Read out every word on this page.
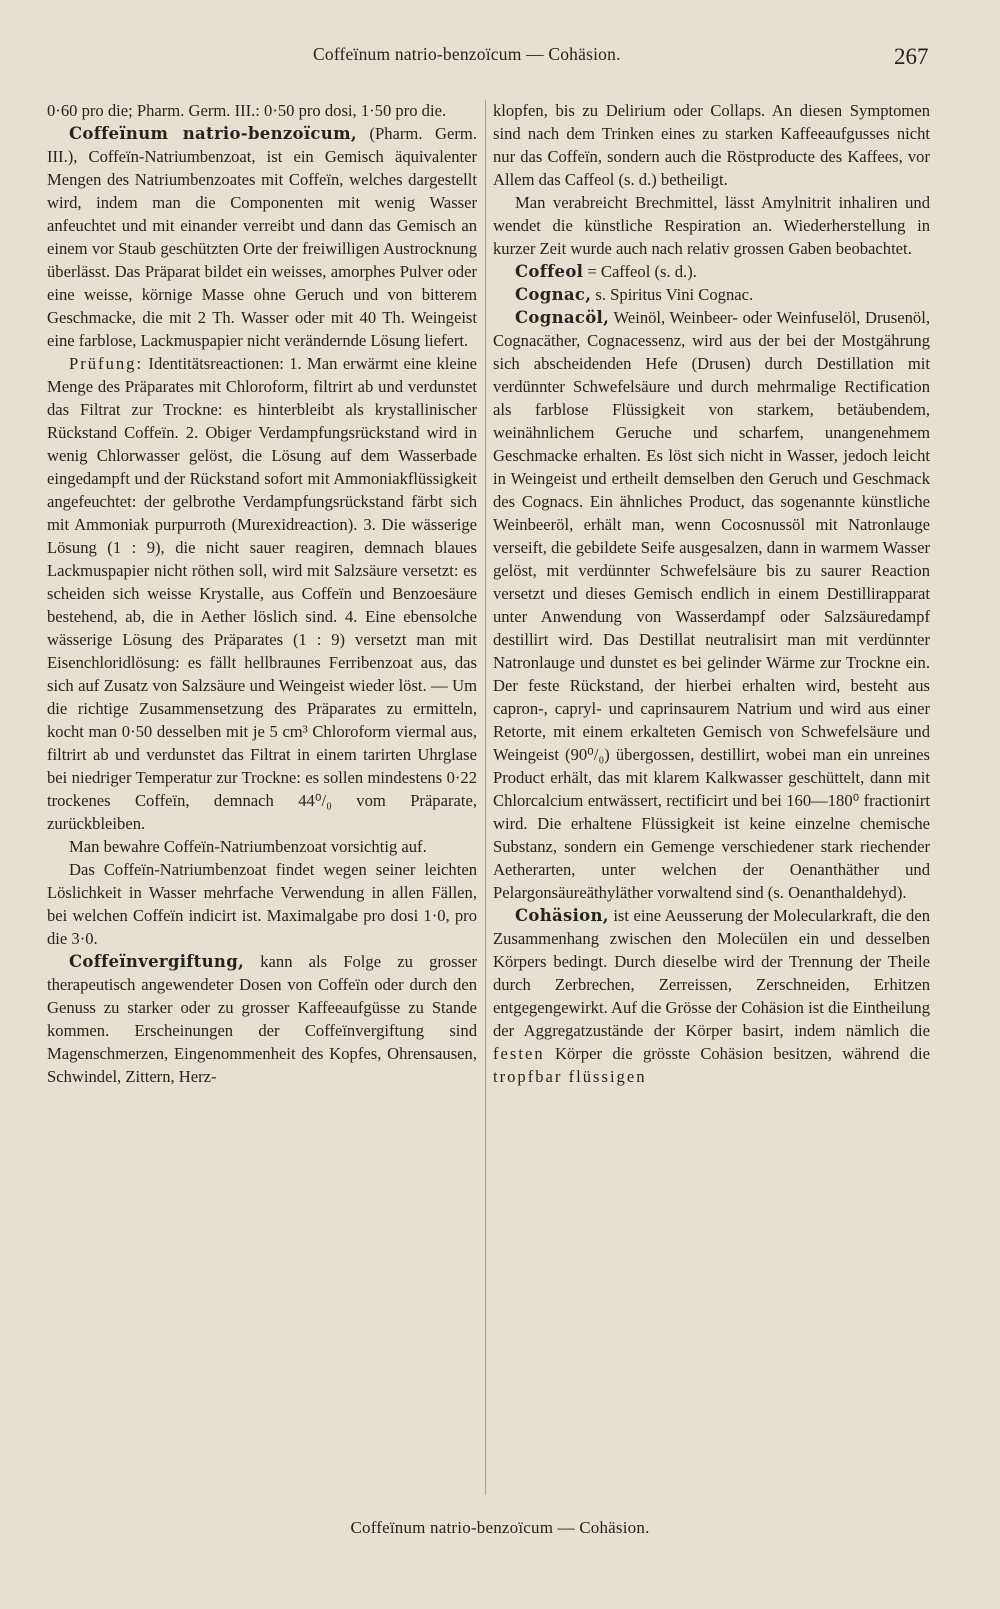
Coffeïnum natrio-benzoïcum — Cohäsion.	267

0·60 pro die; Pharm. Germ. III.: 0·50 pro dosi, 1·50 pro die.

Coffeïnum natrio-benzoïcum, (Pharm. Germ. III.), Coffeïn-Natriumbenzoat, ist ein Gemisch äquivalenter Mengen des Natriumbenzoates mit Coffeïn, welches dargestellt wird, indem man die Componenten mit wenig Wasser anfeuchtet und mit einander verreibt und dann das Gemisch an einem vor Staub geschützten Orte der freiwilligen Austrocknung überlässt. Das Präparat bildet ein weisses, amorphes Pulver oder eine weisse, körnige Masse ohne Geruch und von bitterem Geschmacke, die mit 2 Th. Wasser oder mit 40 Th. Weingeist eine farblose, Lackmuspapier nicht verändernde Lösung liefert.

Prüfung: Identitätsreactionen: 1. Man erwärmt eine kleine Menge des Präparates mit Chloroform, filtrirt ab und verdunstet das Filtrat zur Trockne: es hinterbleibt als krystallinischer Rückstand Coffeïn. 2. Obiger Verdampfungsrückstand wird in wenig Chlorwasser gelöst, die Lösung auf dem Wasserbade eingedampft und der Rückstand sofort mit Ammoniakflüssigkeit angefeuchtet: der gelbrothe Verdampfungsrückstand färbt sich mit Ammoniak purpurroth (Murexidreaction). 3. Die wässerige Lösung (1 : 9), die nicht sauer reagiren, demnach blaues Lackmuspapier nicht röthen soll, wird mit Salzsäure versetzt: es scheiden sich weisse Krystalle, aus Coffeïn und Benzoesäure bestehend, ab, die in Aether löslich sind. 4. Eine ebensolche wässerige Lösung des Präparates (1 : 9) versetzt man mit Eisenchloridlösung: es fällt hellbraunes Ferribenzoat aus, das sich auf Zusatz von Salzsäure und Weingeist wieder löst. — Um die richtige Zusammensetzung des Präparates zu ermitteln, kocht man 0·50 desselben mit je 5 cm³ Chloroform viermal aus, filtrirt ab und verdunstet das Filtrat in einem tarirten Uhrglase bei niedriger Temperatur zur Trockne: es sollen mindestens 0·22 trockenes Coffeïn, demnach 44⁰/₀ vom Präparate, zurückbleiben.

Man bewahre Coffeïn-Natriumbenzoat vorsichtig auf.

Das Coffeïn-Natriumbenzoat findet wegen seiner leichten Löslichkeit in Wasser mehrfache Verwendung in allen Fällen, bei welchen Coffeïn indicirt ist. Maximalgabe pro dosi 1·0, pro die 3·0.

Coffeïnvergiftung, kann als Folge zu grosser therapeutisch angewendeter Dosen von Coffeïn oder durch den Genuss zu starker oder zu grosser Kaffeeaufgüsse zu Stande kommen. Erscheinungen der Coffeïnvergiftung sind Magenschmerzen, Eingenommenheit des Kopfes, Ohrensausen, Schwindel, Zittern, Herz-

klopfen, bis zu Delirium oder Collaps. An diesen Symptomen sind nach dem Trinken eines zu starken Kaffeeaufgusses nicht nur das Coffeïn, sondern auch die Röstproducte des Kaffees, vor Allem das Caffeol (s. d.) betheiligt.

Man verabreicht Brechmittel, lässt Amylnitrit inhaliren und wendet die künstliche Respiration an. Wiederherstellung in kurzer Zeit wurde auch nach relativ grossen Gaben beobachtet.

Coffeol = Caffeol (s. d.).

Cognac, s. Spiritus Vini Cognac.

Cognacöl, Weinöl, Weinbeer- oder Weinfuselöl, Drusenöl, Cognacäther, Cognacessenz, wird aus der bei der Mostgährung sich abscheidenden Hefe (Drusen) durch Destillation mit verdünnter Schwefelsäure und durch mehrmalige Rectification als farblose Flüssigkeit von starkem, betäubendem, weinähnlichem Geruche und scharfem, unangenehmem Geschmacke erhalten. Es löst sich nicht in Wasser, jedoch leicht in Weingeist und ertheilt demselben den Geruch und Geschmack des Cognacs. Ein ähnliches Product, das sogenannte künstliche Weinbeeröl, erhält man, wenn Cocosnussöl mit Natronlauge verseift, die gebildete Seife ausgesalzen, dann in warmem Wasser gelöst, mit verdünnter Schwefelsäure bis zu saurer Reaction versetzt und dieses Gemisch endlich in einem Destillirapparat unter Anwendung von Wasserdampf oder Salzsäuredampf destillirt wird. Das Destillat neutralisirt man mit verdünnter Natronlauge und dunstet es bei gelinder Wärme zur Trockne ein. Der feste Rückstand, der hierbei erhalten wird, besteht aus capron-, capryl- und caprinsaurem Natrium und wird aus einer Retorte, mit einem erkalteten Gemisch von Schwefelsäure und Weingeist (90⁰/₀) übergossen, destillirt, wobei man ein unreines Product erhält, das mit klarem Kalkwasser geschüttelt, dann mit Chlorcalcium entwässert, rectificirt und bei 160—180⁰ fractionirt wird. Die erhaltene Flüssigkeit ist keine einzelne chemische Substanz, sondern ein Gemenge verschiedener stark riechender Aetherarten, unter welchen der Oenanthäther und Pelargonsäureäthyläther vorwaltend sind (s. Oenanthaldehyd).

Cohäsion, ist eine Aeusserung der Molecularkraft, die den Zusammenhang zwischen den Molecülen ein und desselben Körpers bedingt. Durch dieselbe wird der Trennung der Theile durch Zerbrechen, Zerreissen, Zerschneiden, Erhitzen entgegengewirkt. Auf die Grösse der Cohäsion ist die Eintheilung der Aggregatzustände der Körper basirt, indem nämlich die festen Körper die grösste Cohäsion besitzen, während die tropfbar flüssigen

Coffeïnum natrio-benzoïcum — Cohäsion.
